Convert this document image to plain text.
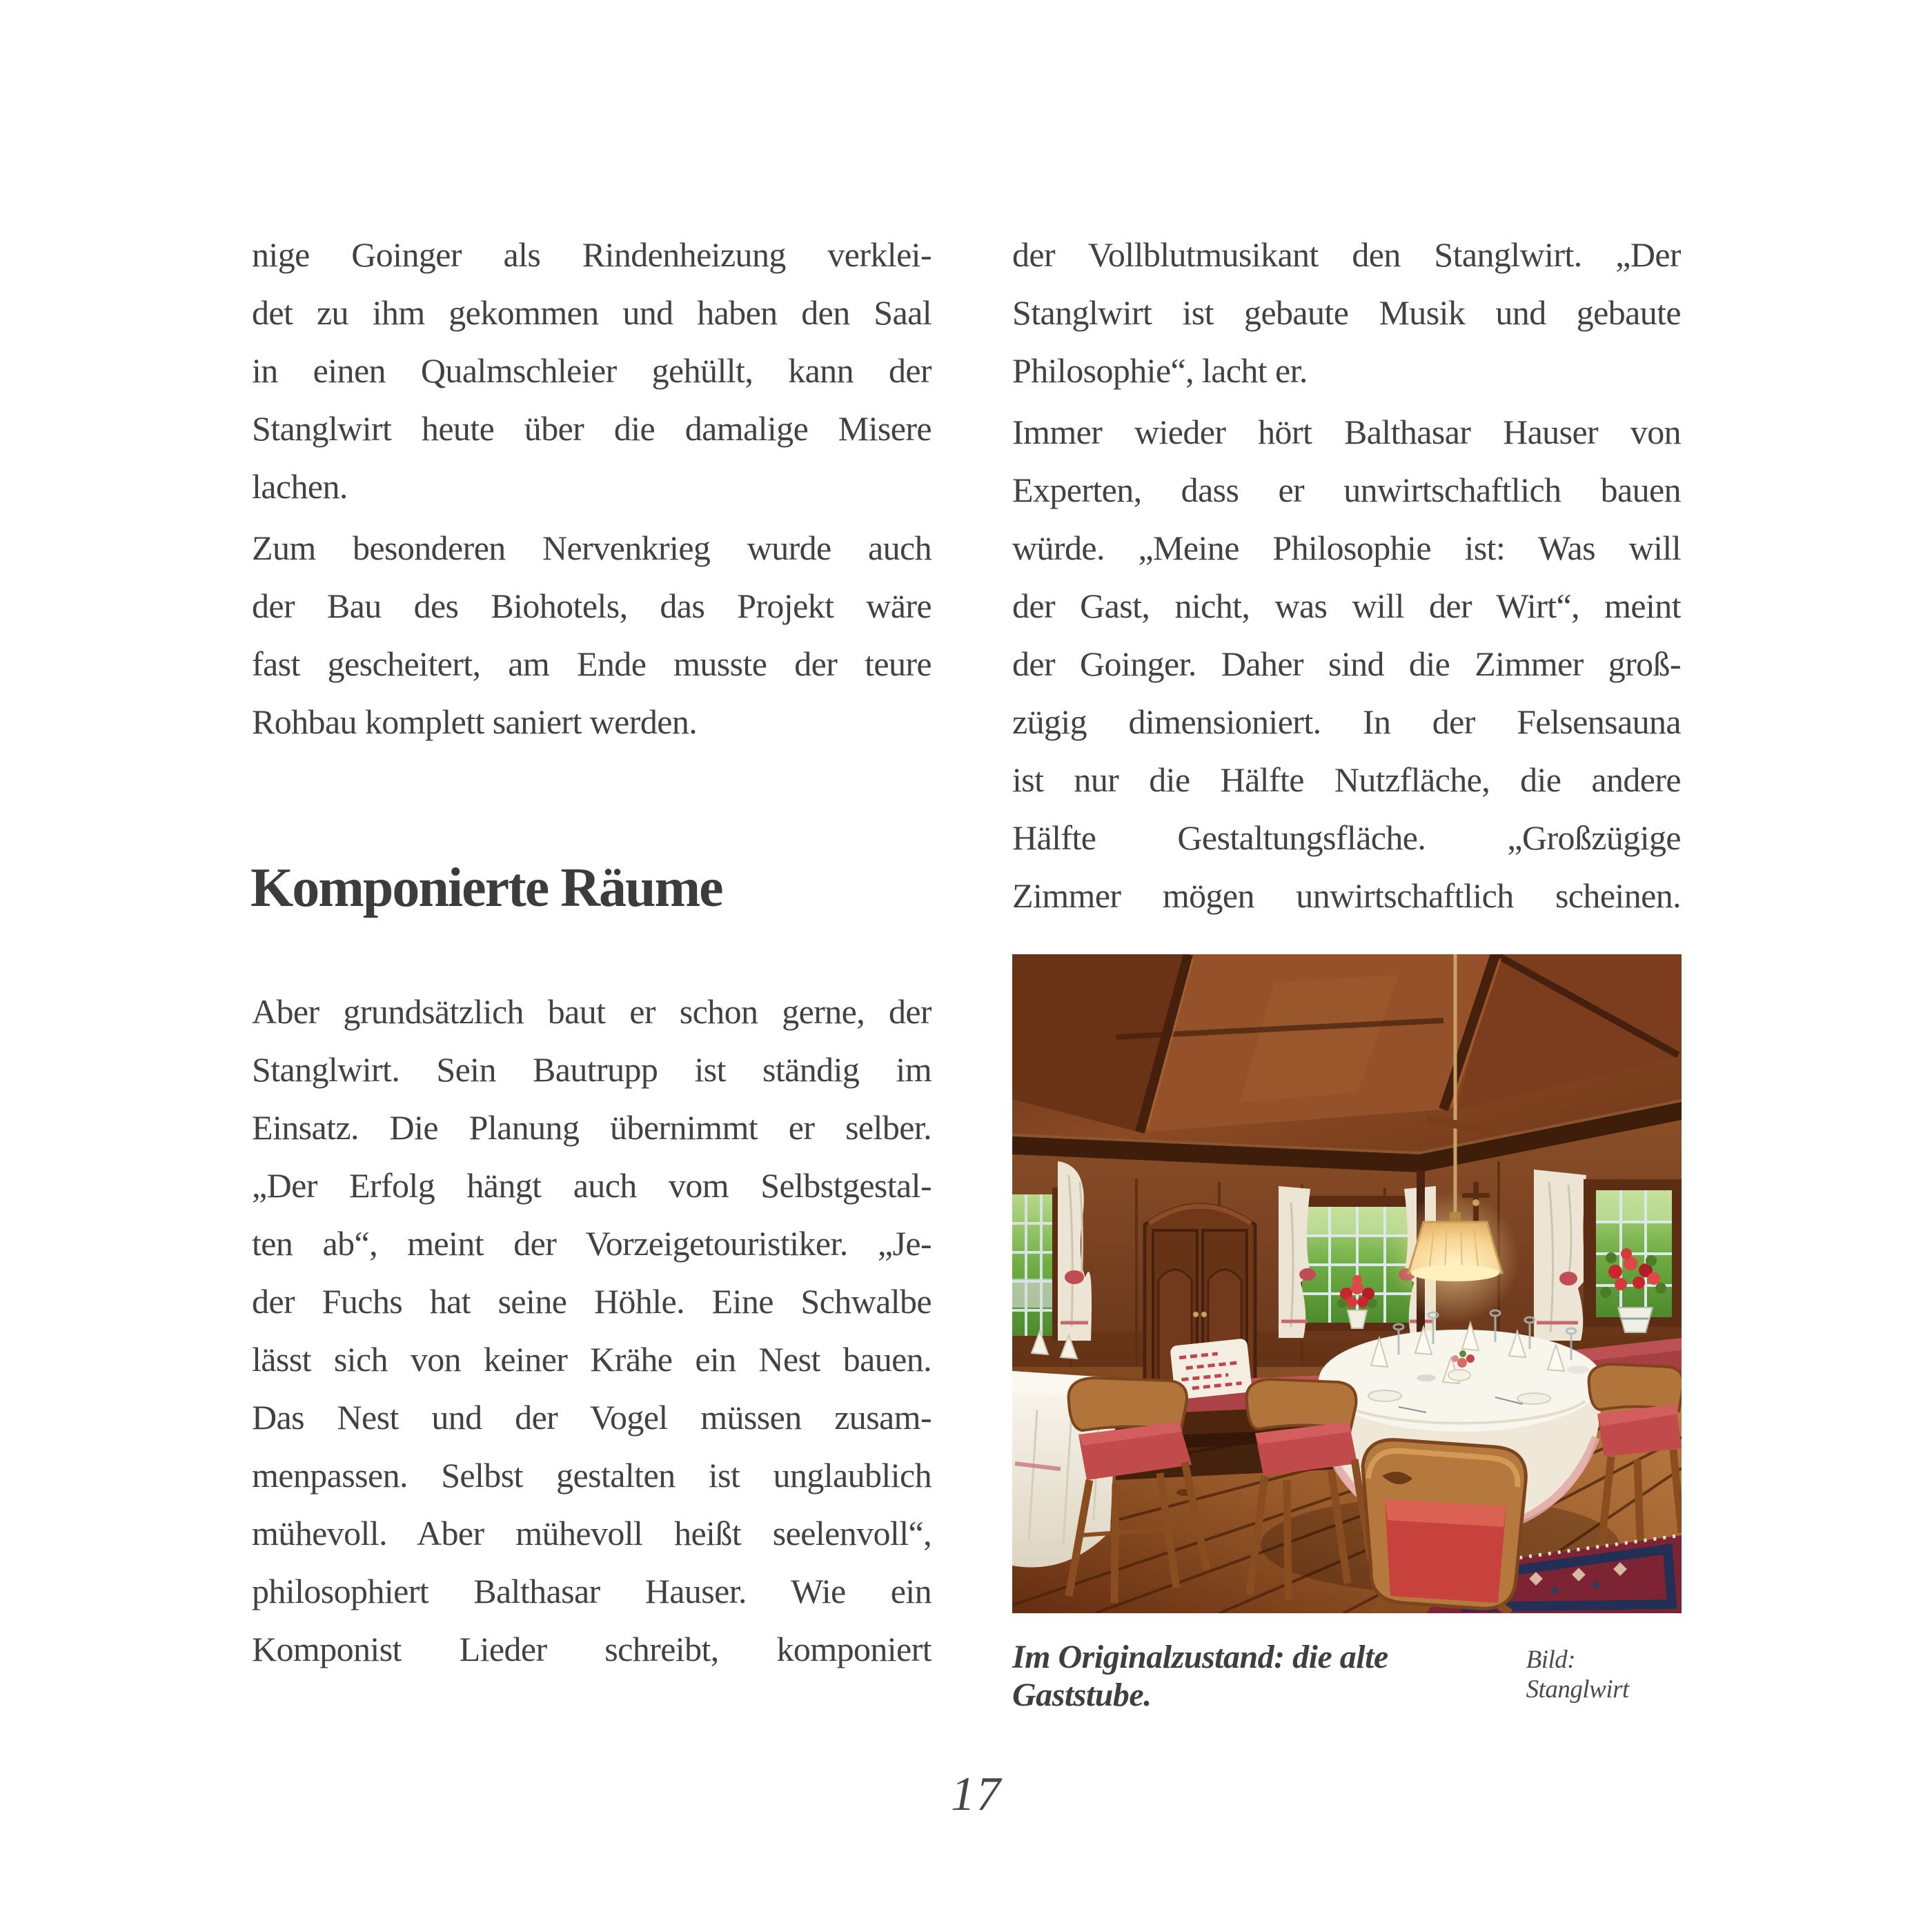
nige Goinger als Rindenheizung verklei-
det zu ihm gekommen und haben den Saal
in einen Qualmschleier gehüllt, kann der
Stanglwirt heute über die damalige Misere
lachen.
Zum besonderen Nervenkrieg wurde auch
der Bau des Biohotels, das Projekt wäre
fast gescheitert, am Ende musste der teure
Rohbau komplett saniert werden.
Komponierte Räume
Aber grundsätzlich baut er schon gerne, der
Stanglwirt. Sein Bautrupp ist ständig im
Einsatz. Die Planung übernimmt er selber.
„Der Erfolg hängt auch vom Selbstgestal-
ten ab“, meint der Vorzeigetouristiker. „Je-
der Fuchs hat seine Höhle. Eine Schwalbe
lässt sich von keiner Krähe ein Nest bauen.
Das Nest und der Vogel müssen zusam-
menpassen. Selbst gestalten ist unglaublich
mühevoll. Aber mühevoll heißt seelenvoll“,
philosophiert Balthasar Hauser. Wie ein
Komponist Lieder schreibt, komponiert
der Vollblutmusikant den Stanglwirt. „Der
Stanglwirt ist gebaute Musik und gebaute
Philosophie“, lacht er.
Immer wieder hört Balthasar Hauser von
Experten, dass er unwirtschaftlich bauen
würde. „Meine Philosophie ist: Was will
der Gast, nicht, was will der Wirt“, meint
der Goinger. Daher sind die Zimmer groß-
zügig dimensioniert. In der Felsensauna
ist nur die Hälfte Nutzfläche, die andere
Hälfte Gestaltungsfläche. „Großzügige
Zimmer mögen unwirtschaftlich scheinen.
Im Originalzustand: die alte Gaststube.
Bild: Stanglwirt
17
